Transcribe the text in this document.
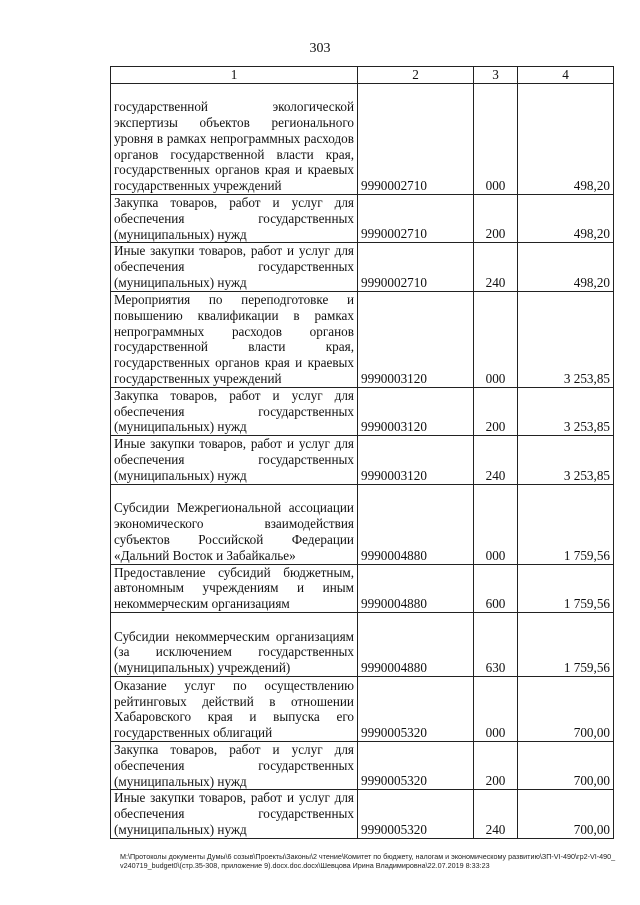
303
1	2	3	4
государственной экологической экспертизы объектов регионального уровня в рамках непрограммных расходов органов государственной власти края, государственных органов края и краевых государственных учреждений	9990002710	000	498,20
Закупка товаров, работ и услуг для обеспечения государственных (муниципальных) нужд	9990002710	200	498,20
Иные закупки товаров, работ и услуг для обеспечения государственных (муниципальных) нужд	9990002710	240	498,20
Мероприятия по переподготовке и повышению квалификации в рамках непрограммных расходов органов государственной власти края, государственных органов края и краевых государственных учреждений	9990003120	000	3 253,85
Закупка товаров, работ и услуг для обеспечения государственных (муниципальных) нужд	9990003120	200	3 253,85
Иные закупки товаров, работ и услуг для обеспечения государственных (муниципальных) нужд	9990003120	240	3 253,85
Субсидии Межрегиональной ассоциации экономического взаимодействия субъектов Российской Федерации «Дальний Восток и Забайкалье»	9990004880	000	1 759,56
Предоставление субсидий бюджетным, автономным учреждениям и иным некоммерческим организациям	9990004880	600	1 759,56
Субсидии некоммерческим организациям (за исключением государственных (муниципальных) учреждений)	9990004880	630	1 759,56
Оказание услуг по осуществлению рейтинговых действий в отношении Хабаровского края и выпуска его государственных облигаций	9990005320	000	700,00
Закупка товаров, работ и услуг для обеспечения государственных (муниципальных) нужд	9990005320	200	700,00
Иные закупки товаров, работ и услуг для обеспечения государственных (муниципальных) нужд	9990005320	240	700,00
M:\Протоколы документы Думы\6 созыв\Проекты\Законы\2 чтение\Комитет по бюджету, налогам и экономическому развитию\ЗП-VI-490\гр2-VI-490_v240719_budget0\(стр.35-308, приложение 9).docx.doc.docx\Шевцова Ирина Владимировна\22.07.2019 8:33:23
